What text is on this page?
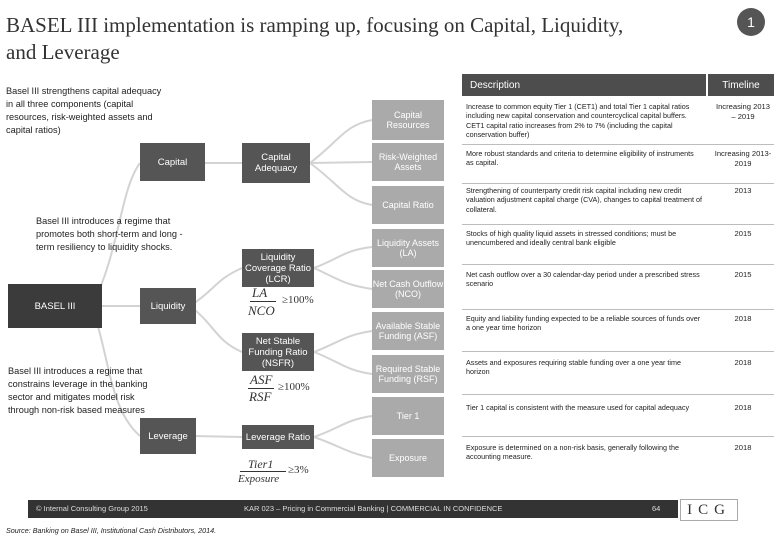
BASEL III implementation is ramping up, focusing on Capital, Liquidity, and Leverage
1
Basel III strengthens capital adequacy in all three components (capital resources, risk-weighted assets and capital ratios)
Basel III introduces a regime that promotes both short-term and long -term resiliency to liquidity shocks.
Basel III introduces a regime that constrains leverage in the banking sector and mitigates model risk through non-risk based measures
BASEL III
Capital
Liquidity
Leverage
Capital Adequacy
Liquidity Coverage Ratio (LCR)
Net Stable Funding Ratio (NSFR)
Leverage Ratio
LA
NCO
≥100%
ASF
RSF
≥100%
Tier1
Exposure
≥3%
Description	Timeline
Capital Resources
Increase to common equity Tier 1 (CET1) and total Tier 1 capital ratios including new capital conservation and countercyclical capital buffers. CET1 capital ratio increases from 2% to 7% (including the capital conservation buffer)
Increasing 2013 – 2019
Risk-Weighted Assets
More robust standards and criteria to determine eligibility of instruments as capital.
Increasing 2013-2019
Capital Ratio
Strengthening of counterparty credit risk capital including new credit valuation adjustment capital charge (CVA), changes to capital treatment of collateral.
2013
Liquidity Assets (LA)
Stocks of high quality liquid assets in stressed conditions; must be unencumbered and ideally central bank eligible
2015
Net Cash Outflow (NCO)
Net cash outflow over a 30 calendar-day period under a prescribed stress scenario
2015
Available Stable Funding (ASF)
Equity and liability funding expected to be a reliable sources of funds over a one year time horizon
2018
Required Stable Funding (RSF)
Assets and exposures requiring stable funding over a one year time horizon
2018
Tier 1
Tier 1 capital is consistent with the measure used for capital adequacy	2018
Exposure
Exposure is determined on a non-risk basis, generally following the accounting measure.
2018
© Internal Consulting Group 2015	KAR 023 – Pricing in Commercial Banking | COMMERCIAL IN CONFIDENCE	64 ICG
Source: Banking on Basel III, Institutional Cash Distributors, 2014.
